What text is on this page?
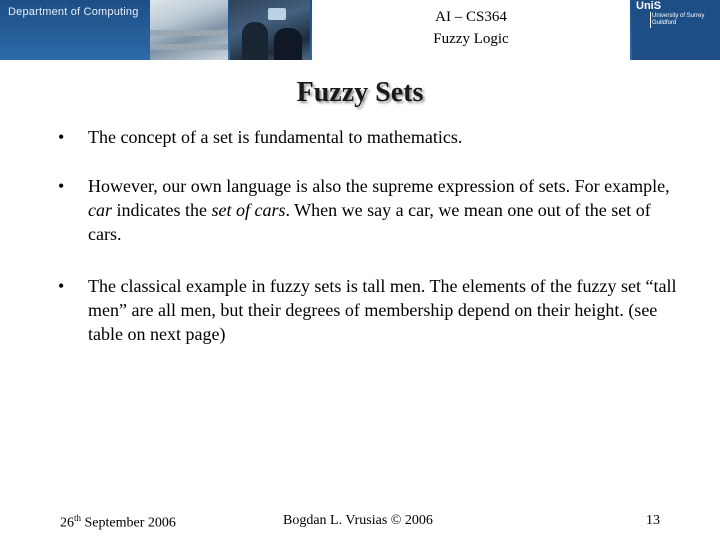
Department of Computing	AI – CS364
Fuzzy Logic
UniS
University of Surrey
Guildford
Fuzzy Sets
• The concept of a set is fundamental to mathematics.
• However, our own language is also the supreme expression of sets. For example, car indicates the set of cars. When we say a car, we mean one out of the set of cars.
• The classical example in fuzzy sets is tall men. The elements of the fuzzy set “tall men” are all men, but their degrees of membership depend on their height. (see table on next page)
26th September 2006	Bogdan L. Vrusias © 2006	13
